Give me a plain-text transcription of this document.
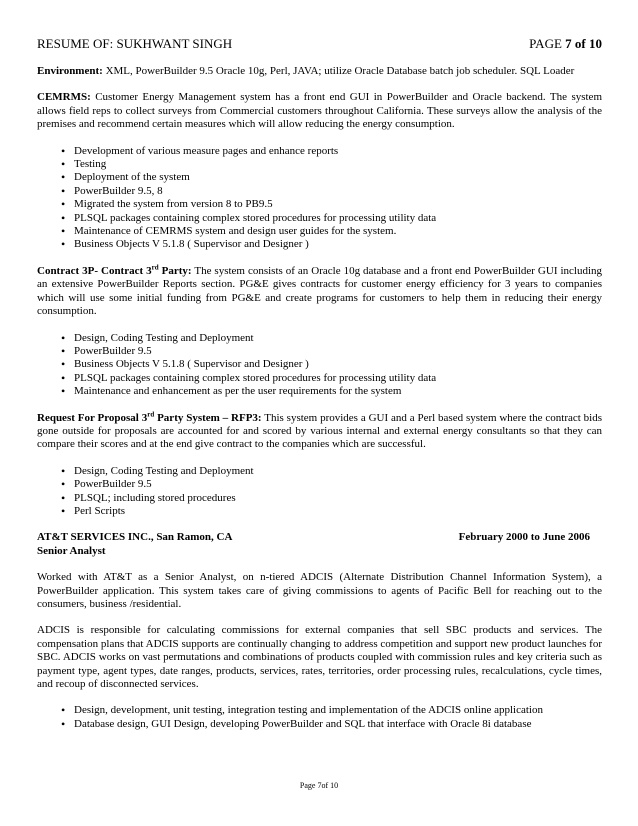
RESUME OF: SUKHWANT SINGH	PAGE 7 of 10

Environment: XML, PowerBuilder 9.5 Oracle 10g, Perl, JAVA; utilize Oracle Database batch job scheduler. SQL Loader

CEMRMS: Customer Energy Management system has a front end GUI in PowerBuilder and Oracle backend. The system allows field reps to collect surveys from Commercial customers throughout California. These surveys allow the analysis of the premises and recommend certain measures which will allow reducing the energy consumption.

• Development of various measure pages and enhance reports
• Testing
• Deployment of the system
• PowerBuilder 9.5, 8
• Migrated the system from version 8 to PB9.5
• PLSQL packages containing complex stored procedures for processing utility data
• Maintenance of CEMRMS system and design user guides for the system.
• Business Objects V 5.1.8 ( Supervisor and Designer )

Contract 3P- Contract 3rd Party: The system consists of an Oracle 10g database and a front end PowerBuilder GUI including an extensive PowerBuilder Reports section. PG&E gives contracts for customer energy efficiency for 3 years to companies which will use some initial funding from PG&E and create programs for customers to help them in reducing their energy consumption.

• Design, Coding Testing and Deployment
• PowerBuilder 9.5
• Business Objects V 5.1.8 ( Supervisor and Designer )
• PLSQL packages containing complex stored procedures for processing utility data
• Maintenance and enhancement as per the user requirements for the system

Request For Proposal 3rd Party System – RFP3: This system provides a GUI and a Perl based system where the contract bids gone outside for proposals are accounted for and scored by various internal and external energy consultants so that they can compare their scores and at the end give contract to the companies which are successful.

• Design, Coding Testing and Deployment
• PowerBuilder 9.5
• PLSQL; including stored procedures
• Perl Scripts
AT&T SERVICES INC., San Ramon, CA	February 2000 to June 2006

Senior Analyst

Worked with AT&T as a Senior Analyst, on n-tiered ADCIS (Alternate Distribution Channel Information System), a PowerBuilder application. This system takes care of giving commissions to agents of Pacific Bell for reaching out to the consumers, business /residential.

ADCIS is responsible for calculating commissions for external companies that sell SBC products and services. The compensation plans that ADCIS supports are continually changing to address competition and support new product launches for SBC. ADCIS works on vast permutations and combinations of products coupled with commission rules and key criteria such as payment type, agent types, date ranges, products, services, rates, territories, order processing rules, recalculations, cycle times, and recoup of disconnected services.

• Design, development, unit testing, integration testing and implementation of the ADCIS online application
• Database design, GUI Design, developing PowerBuilder and SQL that interface with Oracle 8i database
Page 7of 10
